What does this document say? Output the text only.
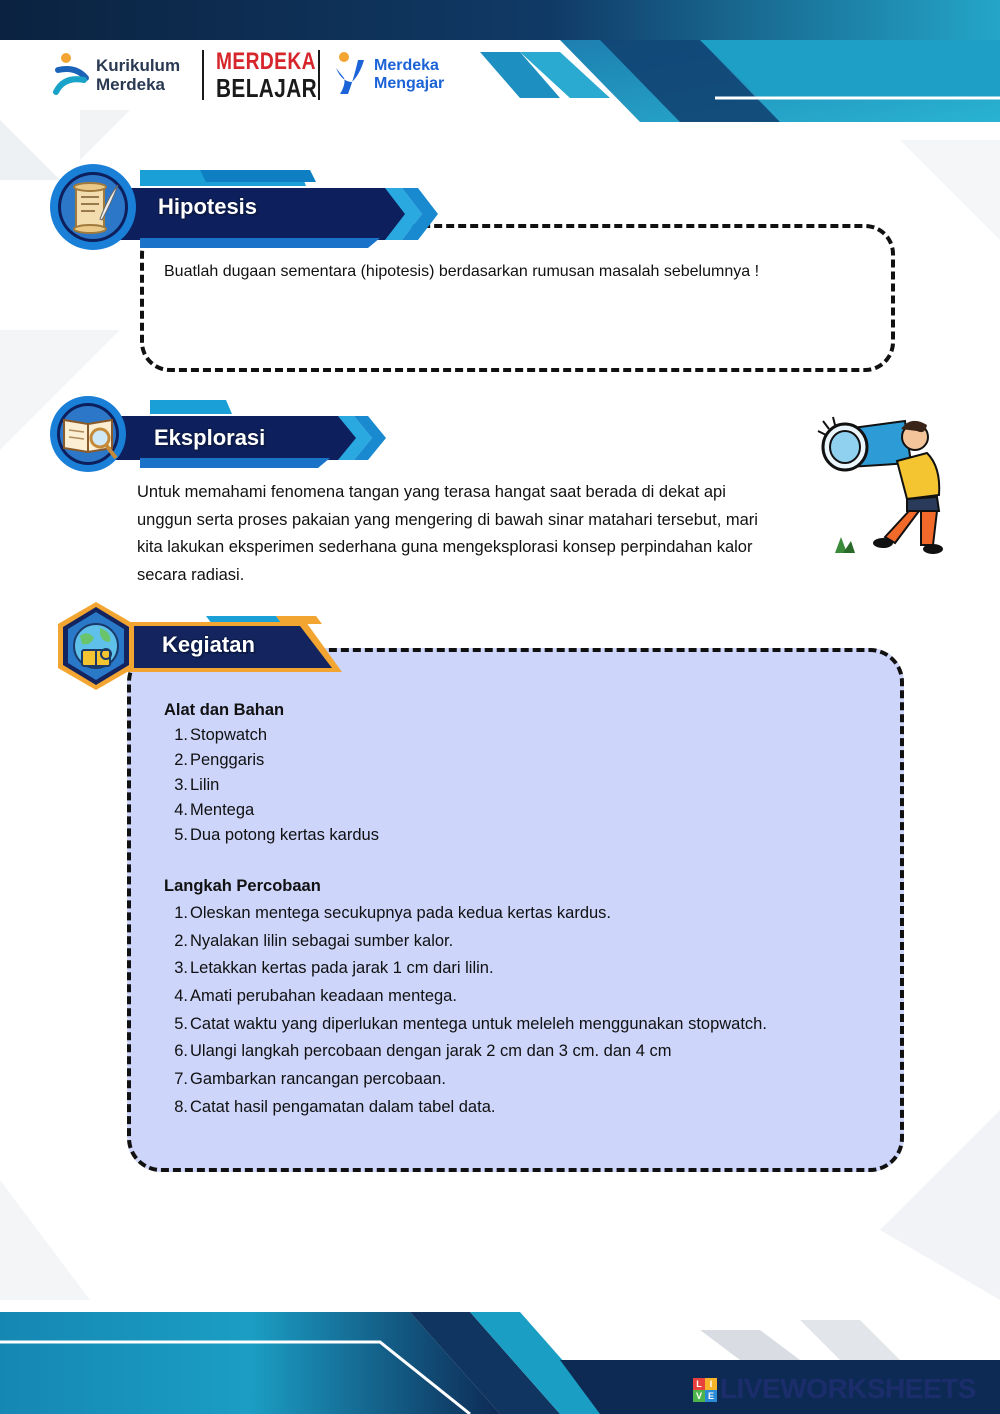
Kurikulum
Merdeka
MERDEKA
BELAJAR
Merdeka
Mengajar
Hipotesis
Buatlah dugaan sementara (hipotesis) berdasarkan rumusan masalah sebelumnya !
Eksplorasi
Untuk memahami fenomena tangan yang terasa hangat saat berada di dekat api
unggun serta proses pakaian yang mengering di bawah sinar matahari tersebut, mari
kita lakukan eksperimen sederhana guna mengeksplorasi konsep perpindahan kalor
secara radiasi.
Kegiatan
Alat dan Bahan
1. Stopwatch
2. Penggaris
3. Lilin
4. Mentega
5. Dua potong kertas kardus
Langkah Percobaan
1. Oleskan mentega secukupnya pada kedua kertas kardus.
2. Nyalakan lilin sebagai sumber kalor.
3. Letakkan kertas pada jarak 1 cm dari lilin.
4. Amati perubahan keadaan mentega.
5. Catat waktu yang diperlukan mentega untuk meleleh menggunakan stopwatch.
6. Ulangi langkah percobaan dengan jarak 2 cm dan 3 cm. dan 4 cm
7. Gambarkan rancangan percobaan.
8. Catat hasil pengamatan dalam tabel data.
L I
V E LIVEWORKSHEETS
